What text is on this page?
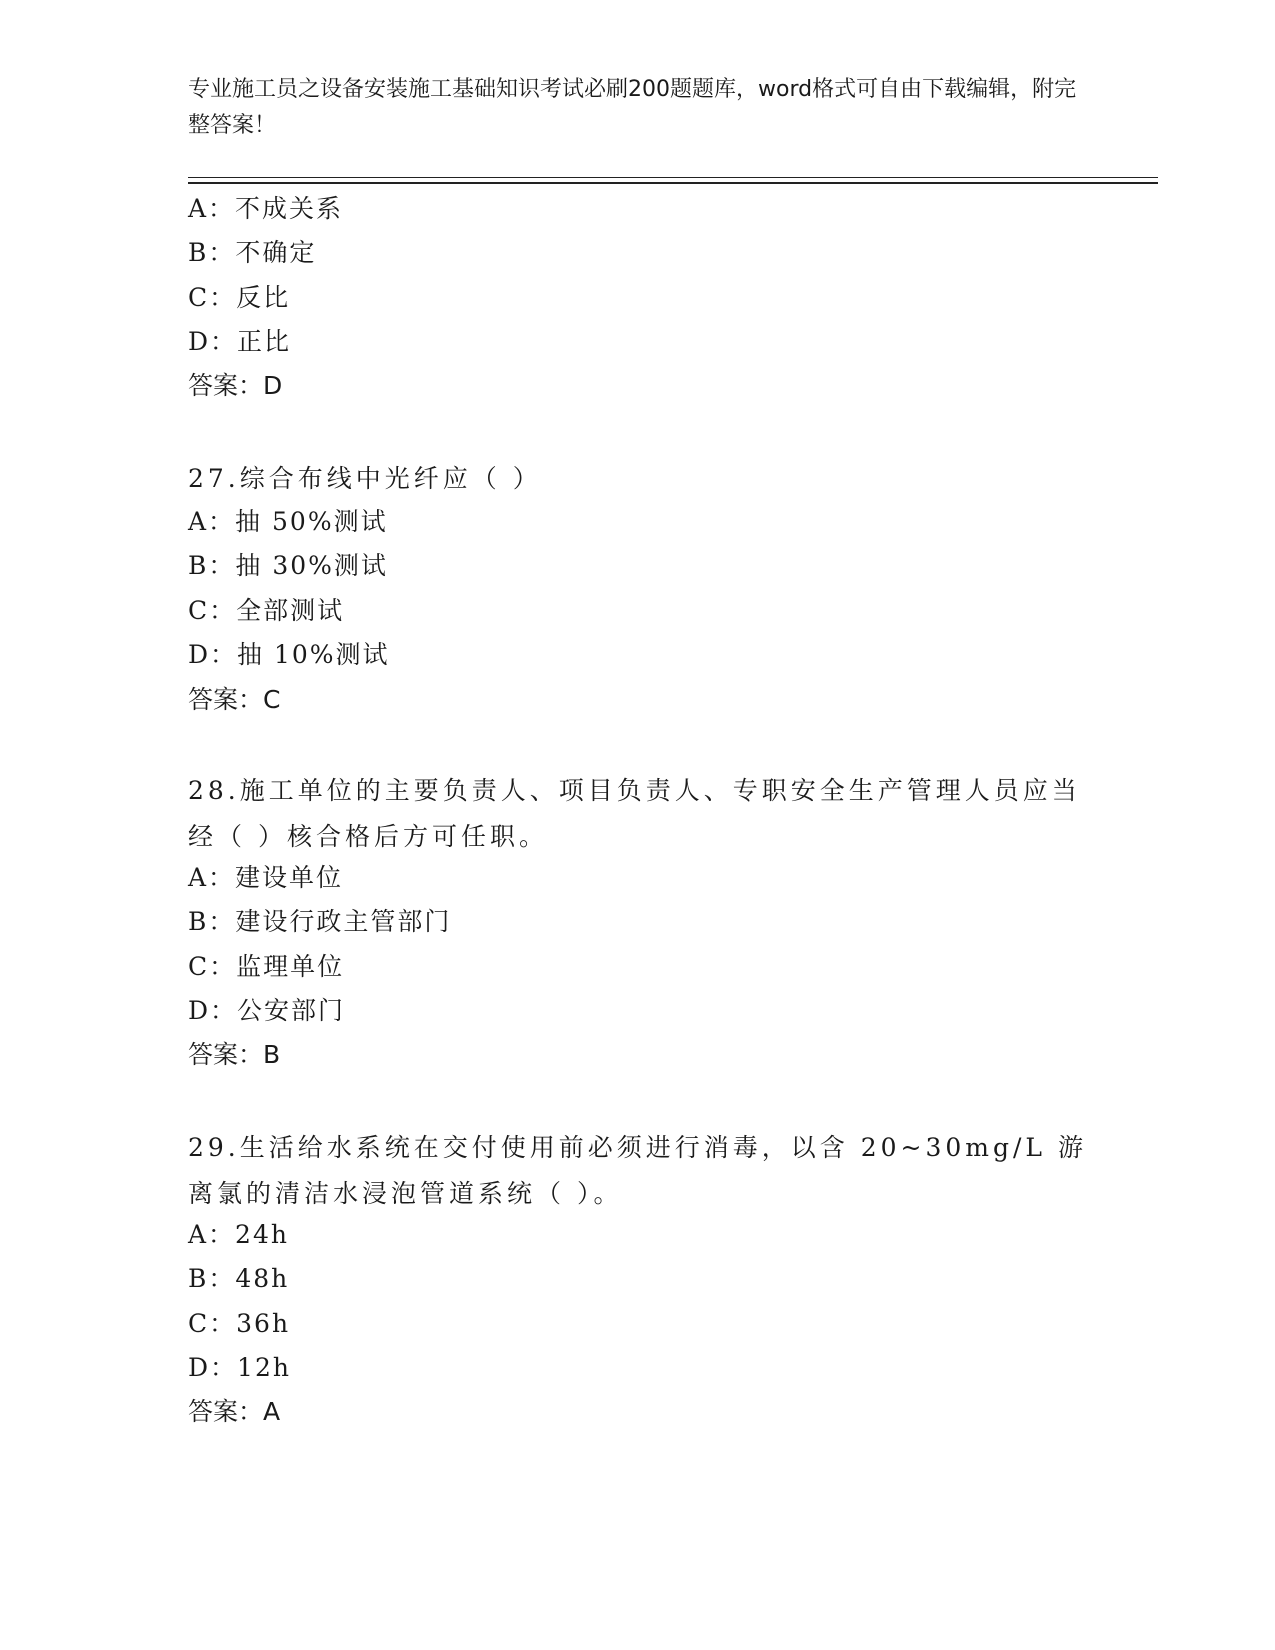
专业施工员之设备安装施工基础知识考试必刷200题题库，word格式可自由下载编辑，附完整答案！
A：不成关系
B：不确定
C：反比
D：正比
答案：D
27.综合布线中光纤应（ ）
A：抽 50%测试
B：抽 30%测试
C：全部测试
D：抽 10%测试
答案：C
28.施工单位的主要负责人、项目负责人、专职安全生产管理人员应当经（ ）核合格后方可任职。
A：建设单位
B：建设行政主管部门
C：监理单位
D：公安部门
答案：B
29.生活给水系统在交付使用前必须进行消毒，以含 20~30mg/L 游离氯的清洁水浸泡管道系统（ ）。
A：24h
B：48h
C：36h
D：12h
答案：A
